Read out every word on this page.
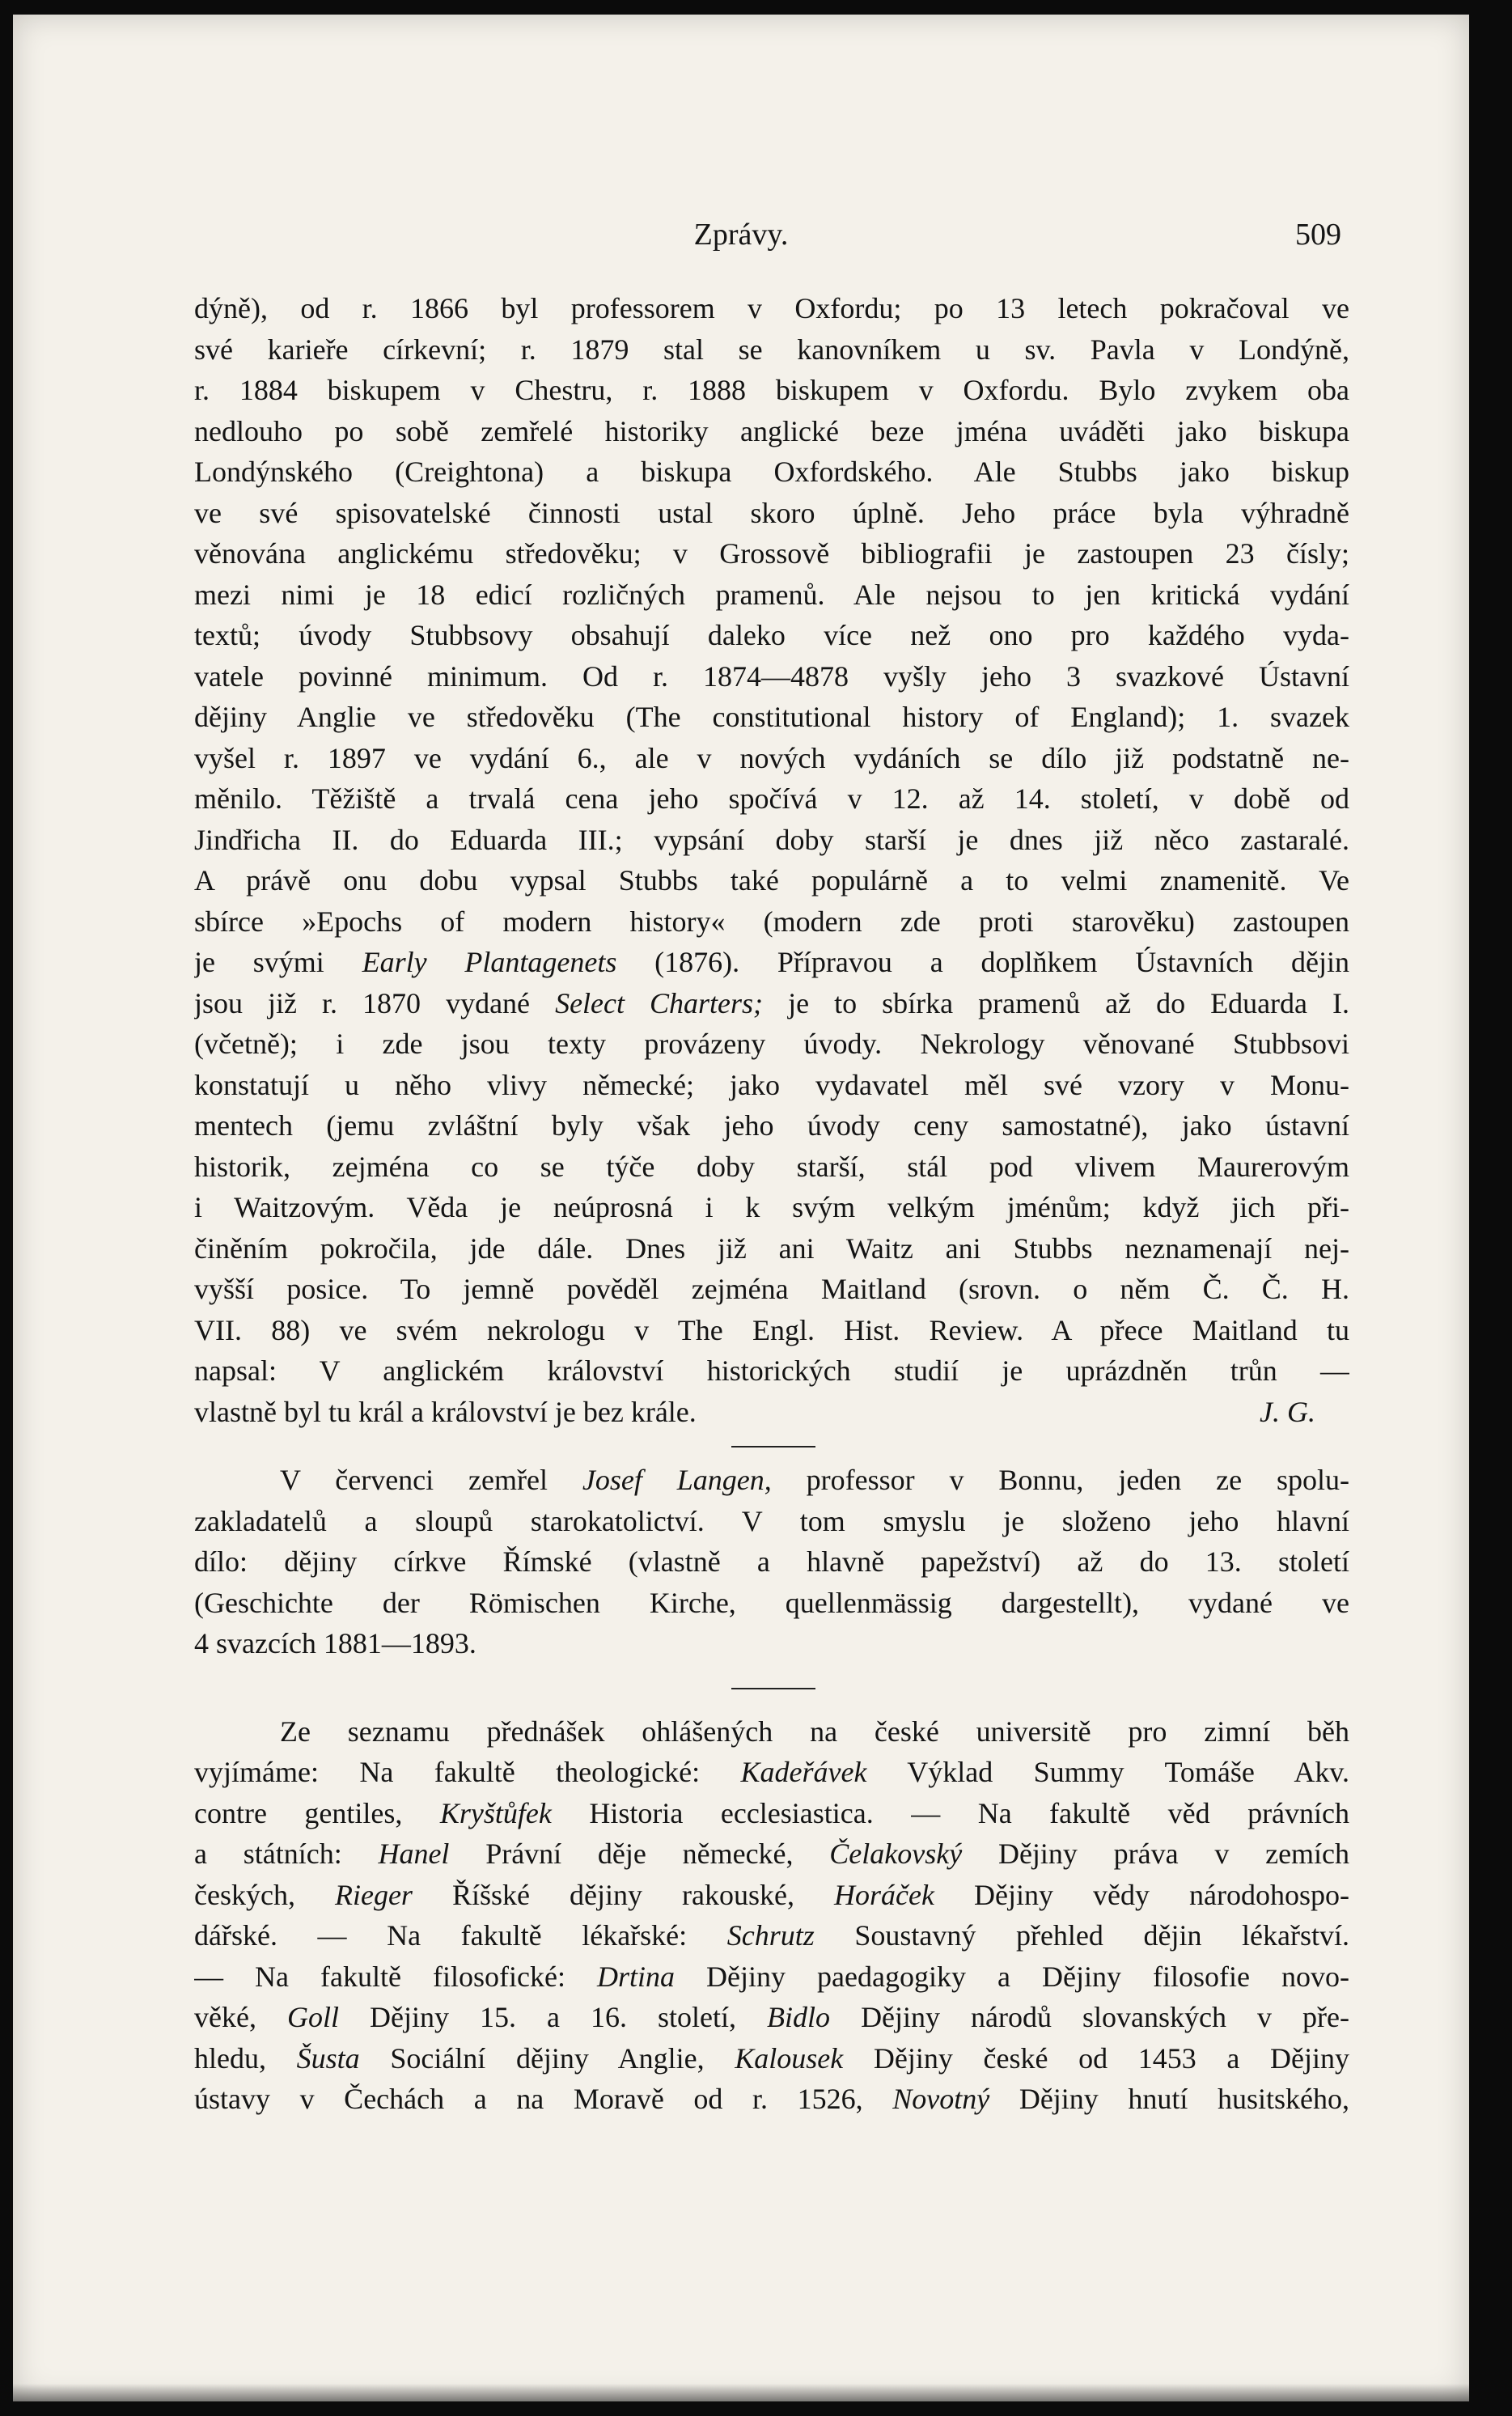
Zprávy.	509
dýně), od r. 1866 byl professorem v Oxfordu; po 13 letech pokračoval ve
své karieře církevní; r. 1879 stal se kanovníkem u sv. Pavla v Londýně,
r. 1884 biskupem v Chestru, r. 1888 biskupem v Oxfordu. Bylo zvykem oba
nedlouho po sobě zemřelé historiky anglické beze jména uváděti jako biskupa
Londýnského (Creightona) a biskupa Oxfordského. Ale Stubbs jako biskup
ve své spisovatelské činnosti ustal skoro úplně. Jeho práce byla výhradně
věnována anglickému středověku; v Grossově bibliografii je zastoupen 23 čísly;
mezi nimi je 18 edicí rozličných pramenů. Ale nejsou to jen kritická vydání
textů; úvody Stubbsovy obsahují daleko více než ono pro každého vyda-
vatele povinné minimum. Od r. 1874—4878 vyšly jeho 3 svazkové Ústavní
dějiny Anglie ve středověku (The constitutional history of England); 1. svazek
vyšel r. 1897 ve vydání 6., ale v nových vydáních se dílo již podstatně ne-
měnilo. Těžiště a trvalá cena jeho spočívá v 12. až 14. století, v době od
Jindřicha II. do Eduarda III.; vypsání doby starší je dnes již něco zastaralé.
A právě onu dobu vypsal Stubbs také populárně a to velmi znamenitě. Ve
sbírce »Epochs of modern history« (modern zde proti starověku) zastoupen
je svými Early Plantagenets (1876). Přípravou a doplňkem Ústavních dějin
jsou již r. 1870 vydané Select Charters; je to sbírka pramenů až do Eduarda I.
(včetně); i zde jsou texty provázeny úvody. Nekrology věnované Stubbsovi
konstatují u něho vlivy německé; jako vydavatel měl své vzory v Monu-
mentech (jemu zvláštní byly však jeho úvody ceny samostatné), jako ústavní
historik, zejména co se týče doby starší, stál pod vlivem Maurerovým
i Waitzovým. Věda je neúprosná i k svým velkým jménům; když jich při-
činěním pokročila, jde dále. Dnes již ani Waitz ani Stubbs neznamenají nej-
vyšší posice. To jemně pověděl zejména Maitland (srovn. o něm Č. Č. H.
VII. 88) ve svém nekrologu v The Engl. Hist. Review. A přece Maitland tu
napsal: V anglickém království historických studií je uprázdněn trůn —
vlastně byl tu král a království je bez krále.	J. G.
V červenci zemřel Josef Langen, professor v Bonnu, jeden ze spolu-
zakladatelů a sloupů starokatolictví. V tom smyslu je složeno jeho hlavní
dílo: dějiny církve Římské (vlastně a hlavně papežství) až do 13. století
(Geschichte der Römischen Kirche, quellenmässig dargestellt), vydané ve
4 svazcích 1881—1893.
Ze seznamu přednášek ohlášených na české universitě pro zimní běh
vyjímáme: Na fakultě theologické: Kadeřávek Výklad Summy Tomáše Akv.
contre gentiles, Kryštůfek Historia ecclesiastica. — Na fakultě věd právních
a státních: Hanel Právní děje německé, Čelakovský Dějiny práva v zemích
českých, Rieger Říšské dějiny rakouské, Horáček Dějiny vědy národohospo-
dářské. — Na fakultě lékařské: Schrutz Soustavný přehled dějin lékařství.
— Na fakultě filosofické: Drtina Dějiny paedagogiky a Dějiny filosofie novo-
věké, Goll Dějiny 15. a 16. století, Bidlo Dějiny národů slovanských v pře-
hledu, Šusta Sociální dějiny Anglie, Kalousek Dějiny české od 1453 a Dějiny
ústavy v Čechách a na Moravě od r. 1526, Novotný Dějiny hnutí husitského,
